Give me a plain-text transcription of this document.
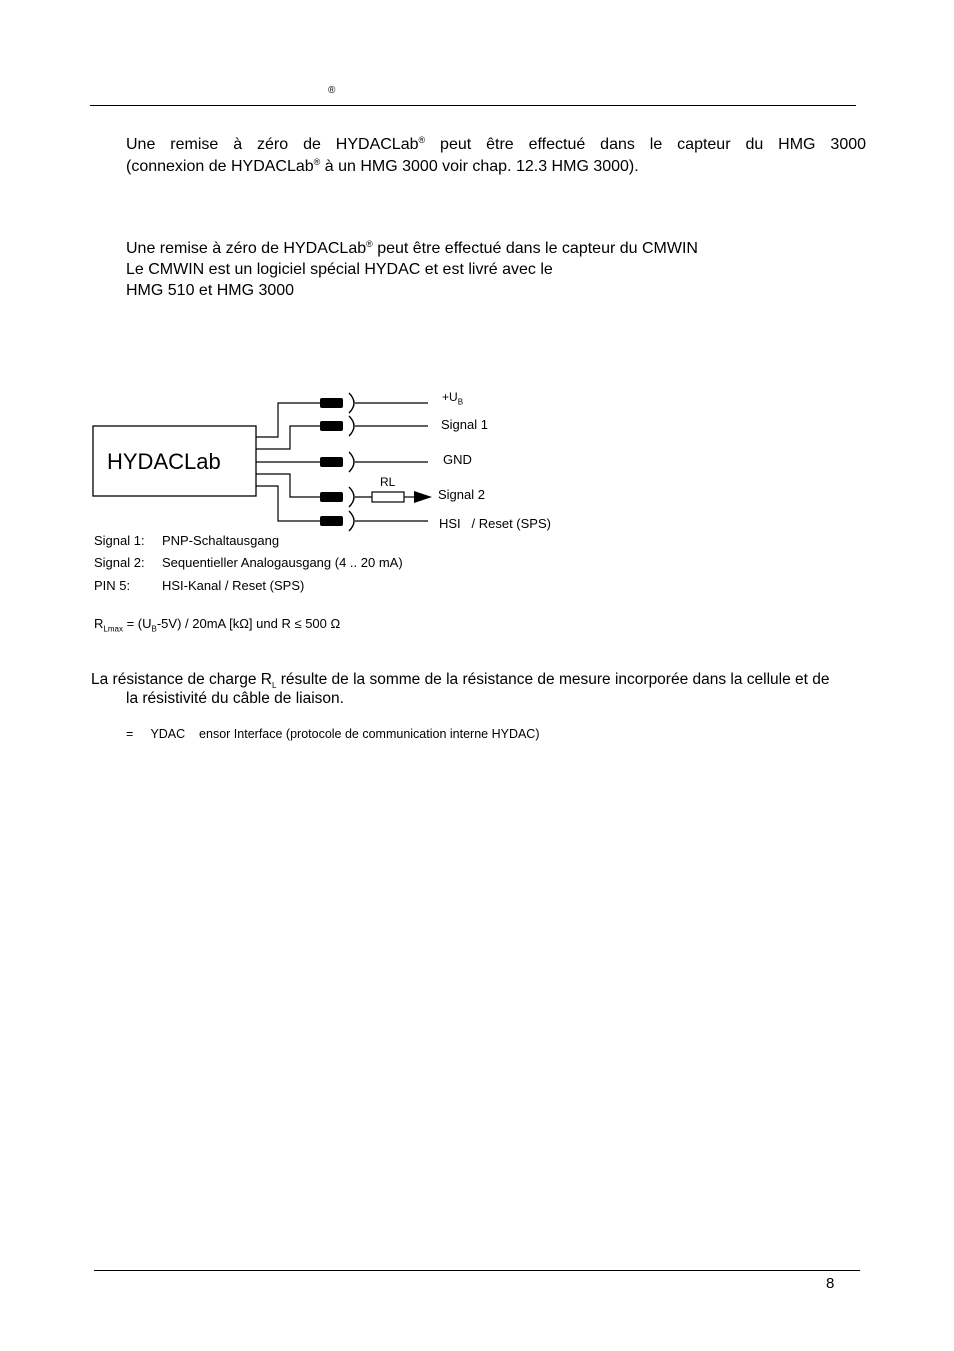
®
Une remise à zéro de HYDACLab® peut être effectué dans le capteur du HMG 3000
(connexion de HYDACLab® à un HMG 3000 voir chap. 12.3 HMG 3000).
Une remise à zéro de HYDACLab® peut être effectué dans le capteur du CMWIN
Le CMWIN est un logiciel spécial HYDAC et est livré avec le
HMG 510 et HMG 3000
HYDACLab
$+U_B$
Signal 1
GND
RL
Signal 2
HSI   / Reset (SPS)
Signal 1: PNP-Schaltausgang
Signal 2: Sequentieller Analogausgang (4 .. 20 mA)
PIN 5: HSI-Kanal / Reset (SPS)
$R_{Lmax} = (U_B-5V) / 20mA$ [kΩ] und R ≤ 500 Ω
La résistance de charge $R_L$ résulte de la somme de la résistance de mesure incorporée dans la cellule et de
la résistivité du câble de liaison.
=     YDAC    ensor Interface (protocole de communication interne HYDAC)
8
